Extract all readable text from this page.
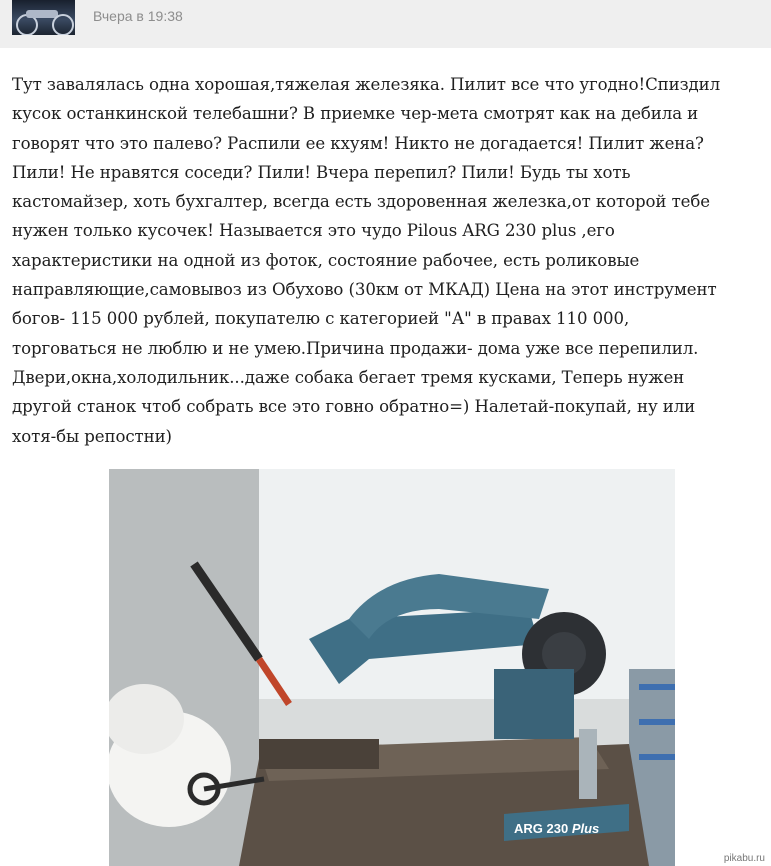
Вчера в 19:38

Тут завалялась одна хорошая,тяжелая железяка. Пилит все что угодно!Спиздил
кусок останкинской телебашни? В приемке чер-мета смотрят как на дебила и
говорят что это палево? Распили ее кхуям! Никто не догадается! Пилит жена?
Пили! Не нравятся соседи? Пили! Вчера перепил? Пили! Будь ты хоть
кастомайзер, хоть бухгалтер, всегда есть здоровенная железка,от которой тебе
нужен только кусочек! Называется это чудо Pilous ARG 230 plus ,его
характеристики на одной из фоток, состояние рабочее, есть роликовые
направляющие,самовывоз из Обухово (30км от МКАД) Цена на этот инструмент
богов- 115 000 рублей, покупателю с категорией "А" в правах 110 000,
торговаться не люблю и не умею.Причина продажи- дома уже все перепилил.
Двери,окна,холодильник...даже собака бегает тремя кусками, Теперь нужен
другой станок чтоб собрать все это говно обратно=) Налетай-покупай, ну или
хотя-бы репостни)

ARG 230 Plus
pikabu.ru
